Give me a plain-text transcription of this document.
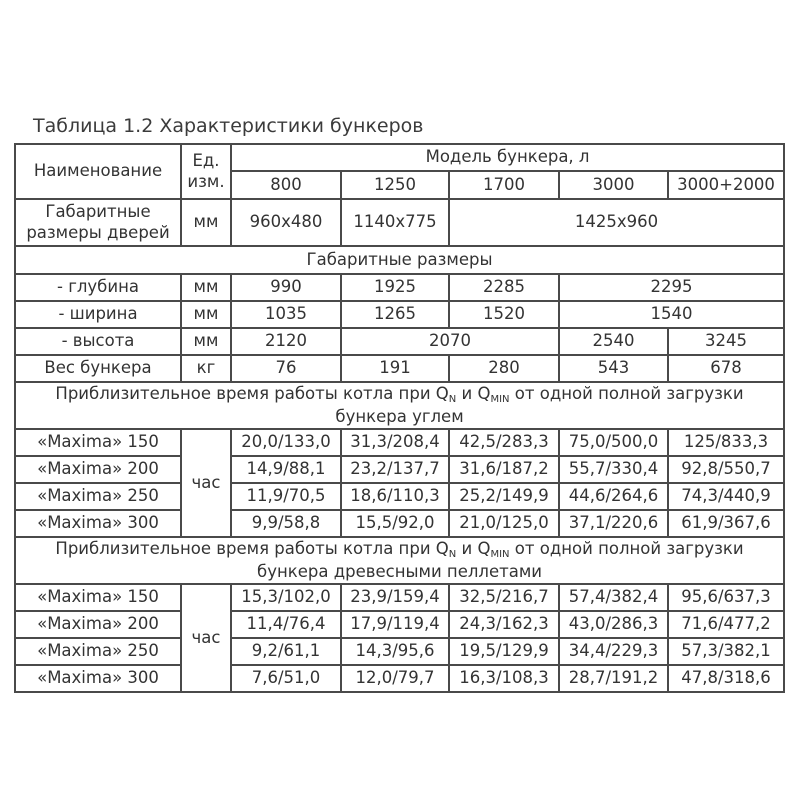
Таблица 1.2 Характеристики бункеров
Наименование	Ед. изм.	Модель бункера, л				
		800	1250	1700	3000	3000+2000
Габаритные размеры дверей	мм	960х480	1140х775	1425х960		
Габаритные размеры						
- глубина	мм	990	1925	2285	2295	
- ширина	мм	1035	1265	1520	1540	
- высота	мм	2120	2070		2540	3245
Вес бункера	кг	76	191	280	543	678
Приблизительное время работы котла при QN и QMIN от одной полной загрузки
бункера углем						
«Maxima» 150	час	20,0/133,0	31,3/208,4	42,5/283,3	75,0/500,0	125/833,3
«Maxima» 200		14,9/88,1	23,2/137,7	31,6/187,2	55,7/330,4	92,8/550,7
«Maxima» 250		11,9/70,5	18,6/110,3	25,2/149,9	44,6/264,6	74,3/440,9
«Maxima» 300		9,9/58,8	15,5/92,0	21,0/125,0	37,1/220,6	61,9/367,6
Приблизительное время работы котла при QN и QMIN от одной полной загрузки
бункера древесными пеллетами						
«Maxima» 150	час	15,3/102,0	23,9/159,4	32,5/216,7	57,4/382,4	95,6/637,3
«Maxima» 200		11,4/76,4	17,9/119,4	24,3/162,3	43,0/286,3	71,6/477,2
«Maxima» 250		9,2/61,1	14,3/95,6	19,5/129,9	34,4/229,3	57,3/382,1
«Maxima» 300		7,6/51,0	12,0/79,7	16,3/108,3	28,7/191,2	47,8/318,6
